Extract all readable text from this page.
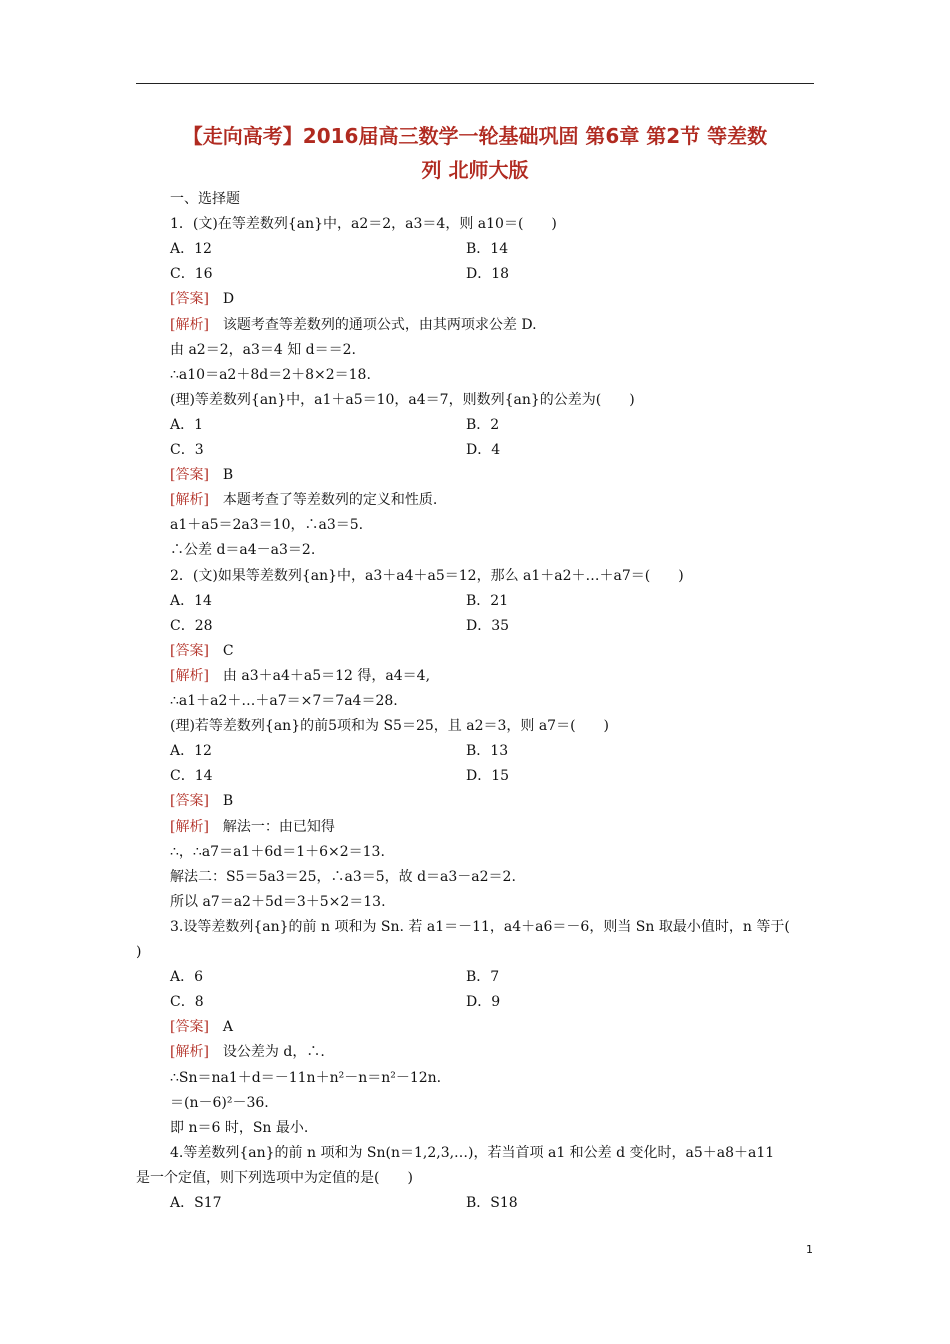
【走向高考】2016届高三数学一轮基础巩固 第6章 第2节 等差数
列 北师大版
一、选择题
1．(文)在等差数列{an}中，a2＝2，a3＝4，则 a10＝(　　)
A．12	B．14
C．16	D．18
[答案]　D
[解析]　该题考查等差数列的通项公式，由其两项求公差 D.
由 a2＝2，a3＝4 知 d＝＝2.
∴a10＝a2＋8d＝2＋8×2＝18.
(理)等差数列{an}中，a1＋a5＝10，a4＝7，则数列{an}的公差为(　　)
A．1	B．2
C．3	D．4
[答案]　B
[解析]　本题考查了等差数列的定义和性质.
a1＋a5＝2a3＝10，∴a3＝5.
∴公差 d＝a4－a3＝2.
2．(文)如果等差数列{an}中，a3＋a4＋a5＝12，那么 a1＋a2＋…＋a7＝(　　)
A．14	B．21
C．28	D．35
[答案]　C
[解析]　由 a3＋a4＋a5＝12 得，a4＝4,
∴a1＋a2＋…＋a7＝×7＝7a4＝28.
(理)若等差数列{an}的前5项和为 S5＝25，且 a2＝3，则 a7＝(　　)
A．12	B．13
C．14	D．15
[答案]　B
[解析]　解法一：由已知得
∴，∴a7＝a1＋6d＝1＋6×2＝13.
解法二：S5＝5a3＝25，∴a3＝5，故 d＝a3－a2＝2.
所以 a7＝a2＋5d＝3＋5×2＝13.
3.设等差数列{an}的前 n 项和为 Sn. 若 a1＝－11，a4＋a6＝－6，则当 Sn 取最小值时，n 等于(
)
A．6	B．7
C．8	D．9
[答案]　A
[解析]　设公差为 d，∴.
∴Sn＝na1＋d＝－11n＋n²－n＝n²－12n.
＝(n－6)²－36.
即 n＝6 时，Sn 最小.
4.等差数列{an}的前 n 项和为 Sn(n＝1,2,3,…)，若当首项 a1 和公差 d 变化时，a5＋a8＋a11
是一个定值，则下列选项中为定值的是(　　)
A．S17	B．S18
1
